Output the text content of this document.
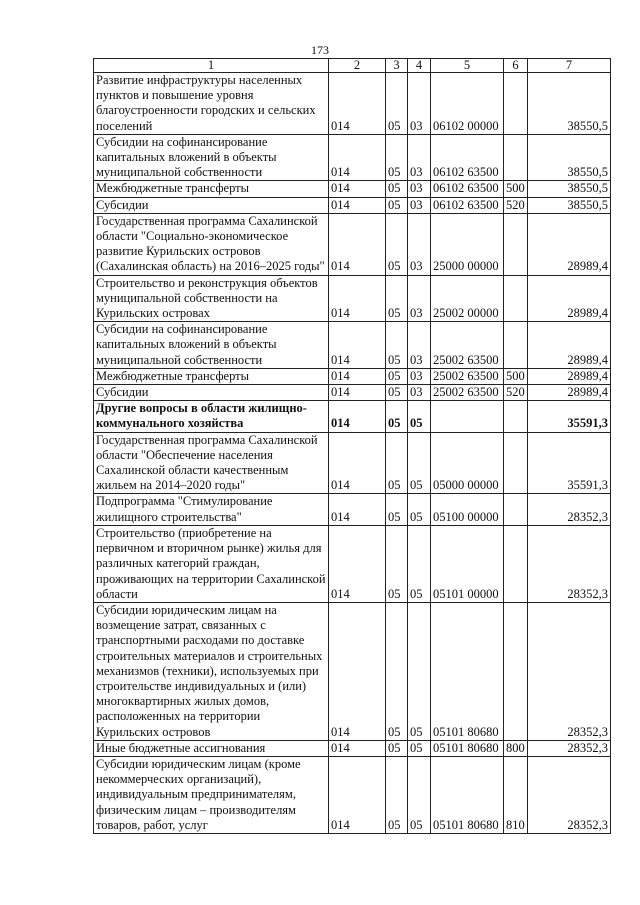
173
1	2	3	4	5	6	7
Развитие инфраструктуры населенных пунктов и повышение уровня благоустроенности городских и сельских поселений	014	05	03	06102 00000		38550,5
Субсидии на софинансирование капитальных вложений в объекты муниципальной собственности	014	05	03	06102 63500		38550,5
Межбюджетные трансферты	014	05	03	06102 63500	500	38550,5
Субсидии	014	05	03	06102 63500	520	38550,5
Государственная программа Сахалинской области "Социально-экономическое развитие Курильских островов (Сахалинская область) на 2016–2025 годы"	014	05	03	25000 00000		28989,4
Строительство и реконструкция объектов муниципальной собственности на Курильских островах	014	05	03	25002 00000		28989,4
Субсидии на софинансирование капитальных вложений в объекты муниципальной собственности	014	05	03	25002 63500		28989,4
Межбюджетные трансферты	014	05	03	25002 63500	500	28989,4
Субсидии	014	05	03	25002 63500	520	28989,4
Другие вопросы в области жилищно-коммунального хозяйства	014	05	05			35591,3
Государственная программа Сахалинской области "Обеспечение населения Сахалинской области качественным жильем на 2014–2020 годы"	014	05	05	05000 00000		35591,3
Подпрограмма "Стимулирование жилищного строительства"	014	05	05	05100 00000		28352,3
Строительство (приобретение на первичном и вторичном рынке) жилья для различных категорий граждан, проживающих на территории Сахалинской области	014	05	05	05101 00000		28352,3
Субсидии юридическим лицам на возмещение затрат, связанных с транспортными расходами по доставке строительных материалов и строительных механизмов (техники), используемых при строительстве индивидуальных и (или) многоквартирных жилых домов, расположенных на территории Курильских островов	014	05	05	05101 80680		28352,3
Иные бюджетные ассигнования	014	05	05	05101 80680	800	28352,3
Субсидии юридическим лицам (кроме некоммерческих организаций), индивидуальным предпринимателям, физическим лицам – производителям товаров, работ, услуг	014	05	05	05101 80680	810	28352,3
